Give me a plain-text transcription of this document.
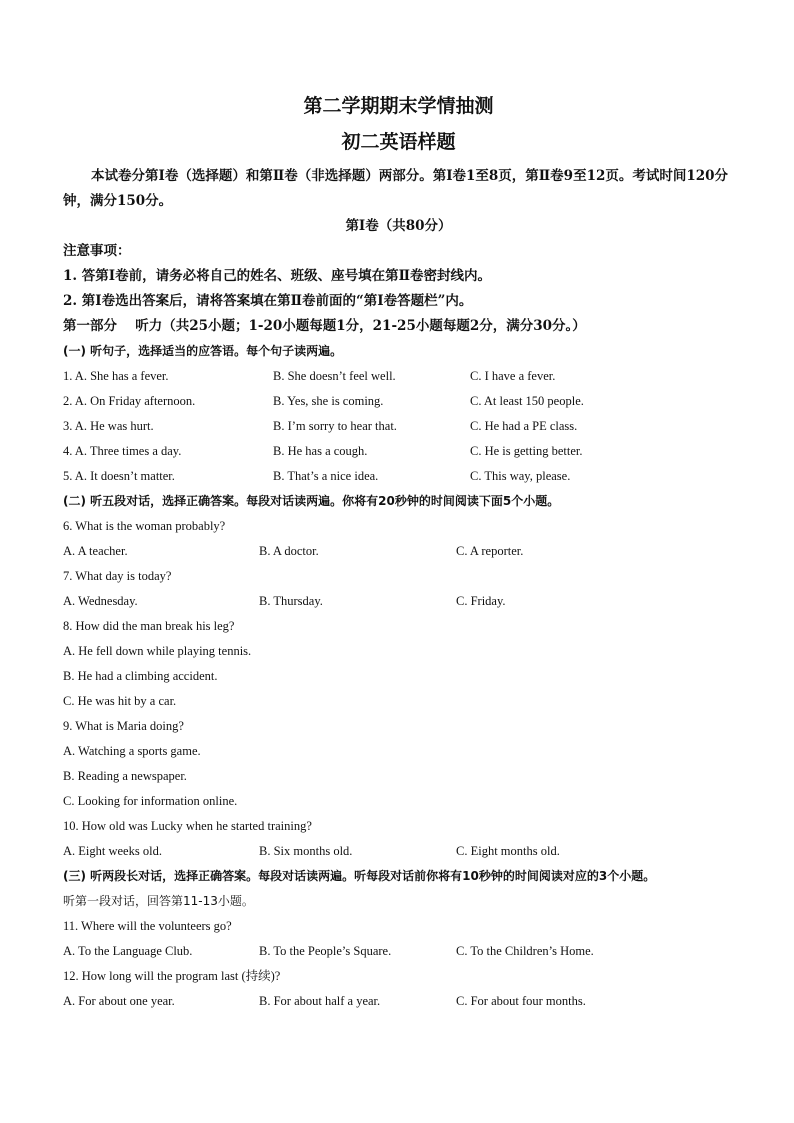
第二学期期末学情抽测
初二英语样题
本试卷分第Ⅰ卷（选择题）和第Ⅱ卷（非选择题）两部分。第Ⅰ卷1至8页，第Ⅱ卷9至12页。考试时间120分钟，满分150分。
第Ⅰ卷（共80分）
注意事项：
1. 答第Ⅰ卷前，请务必将自己的姓名、班级、座号填在第Ⅱ卷密封线内。
2. 第Ⅰ卷选出答案后，请将答案填在第Ⅱ卷前面的“第Ⅰ卷答题栏”内。
第一部分　 听力（共25小题；1-20小题每题1分，21-25小题每题2分，满分30分。）
(一) 听句子，选择适当的应答语。每个句子读两遍。
1. A. She has a fever.	B. She doesn’t feel well.	C. I have a fever.
2. A. On Friday afternoon.	B. Yes, she is coming.	C. At least 150 people.
3. A. He was hurt.	B. I’m sorry to hear that.	C. He had a PE class.
4. A. Three times a day.	B. He has a cough.	C. He is getting better.
5. A. It doesn’t matter.	B. That’s a nice idea.	C. This way, please.
(二) 听五段对话，选择正确答案。每段对话读两遍。你将有20秒钟的时间阅读下面5个小题。
6. What is the woman probably?
A. A teacher.	B. A doctor.	C. A reporter.
7. What day is today?
A. Wednesday.	B. Thursday.	C. Friday.
8. How did the man break his leg?
A. He fell down while playing tennis.
B. He had a climbing accident.
C. He was hit by a car.
9. What is Maria doing?
A. Watching a sports game.
B. Reading a newspaper.
C. Looking for information online.
10. How old was Lucky when he started training?
A. Eight weeks old.	B. Six months old.	C. Eight months old.
(三) 听两段长对话，选择正确答案。每段对话读两遍。听每段对话前你将有10秒钟的时间阅读对应的3个小题。
听第一段对话，回答第11-13小题。
11. Where will the volunteers go?
A. To the Language Club.	B. To the People’s Square.	C. To the Children’s Home.
12. How long will the program last (持续)?
A. For about one year.	B. For about half a year.	C. For about four months.
